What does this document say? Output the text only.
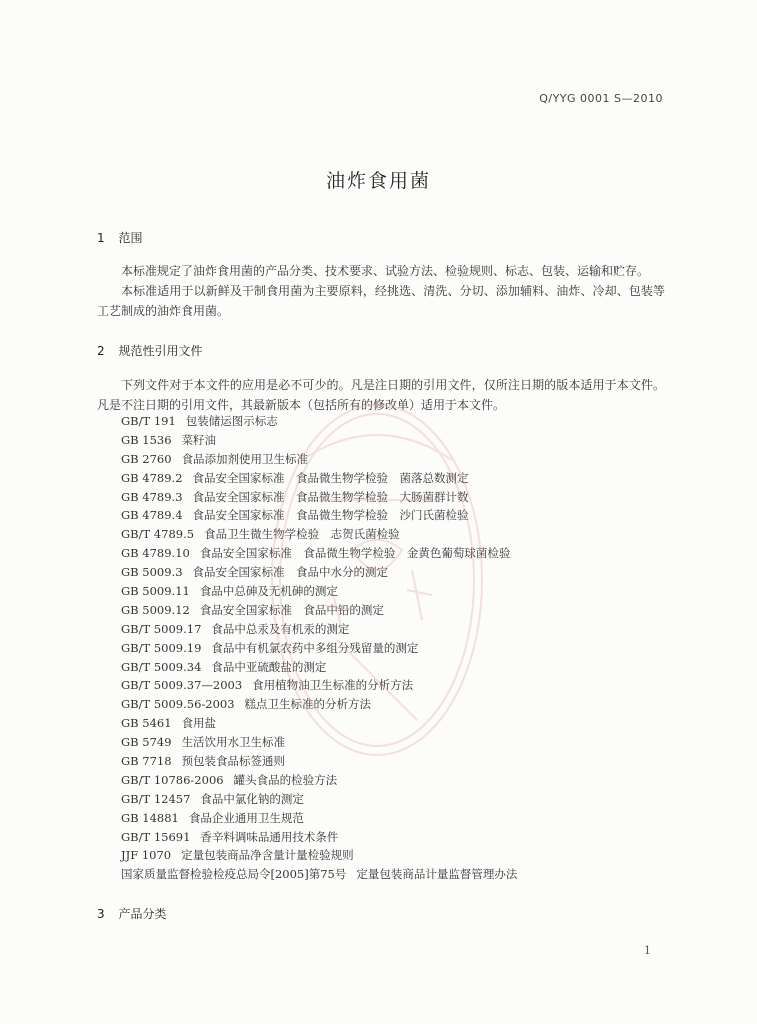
Q/YYG 0001 S—2010
油炸食用菌
1 范围
本标准规定了油炸食用菌的产品分类、技术要求、试验方法、检验规则、标志、包装、运输和贮存。
本标准适用于以新鲜及干制食用菌为主要原料，经挑选、清洗、分切、添加辅料、油炸、冷却、包装等工艺制成的油炸食用菌。
2 规范性引用文件
下列文件对于本文件的应用是必不可少的。凡是注日期的引用文件，仅所注日期的版本适用于本文件。凡是不注日期的引用文件，其最新版本（包括所有的修改单）适用于本文件。
GB/T 191 包装储运图示标志
GB 1536 菜籽油
GB 2760 食品添加剂使用卫生标准
GB 4789.2 食品安全国家标准　食品微生物学检验　菌落总数测定
GB 4789.3 食品安全国家标准　食品微生物学检验　大肠菌群计数
GB 4789.4 食品安全国家标准　食品微生物学检验　沙门氏菌检验
GB/T 4789.5 食品卫生微生物学检验　志贺氏菌检验
GB 4789.10 食品安全国家标准　食品微生物学检验　金黄色葡萄球菌检验
GB 5009.3 食品安全国家标准　食品中水分的测定
GB 5009.11 食品中总砷及无机砷的测定
GB 5009.12 食品安全国家标准　食品中铅的测定
GB/T 5009.17 食品中总汞及有机汞的测定
GB/T 5009.19 食品中有机氯农药中多组分残留量的测定
GB/T 5009.34 食品中亚硫酸盐的测定
GB/T 5009.37—2003 食用植物油卫生标准的分析方法
GB/T 5009.56-2003 糕点卫生标准的分析方法
GB 5461 食用盐
GB 5749 生活饮用水卫生标准
GB 7718 预包装食品标签通则
GB/T 10786-2006 罐头食品的检验方法
GB/T 12457 食品中氯化钠的测定
GB 14881 食品企业通用卫生规范
GB/T 15691 香辛料调味品通用技术条件
JJF 1070 定量包装商品净含量计量检验规则
国家质量监督检验检疫总局令[2005]第75号 定量包装商品计量监督管理办法
3 产品分类
1
